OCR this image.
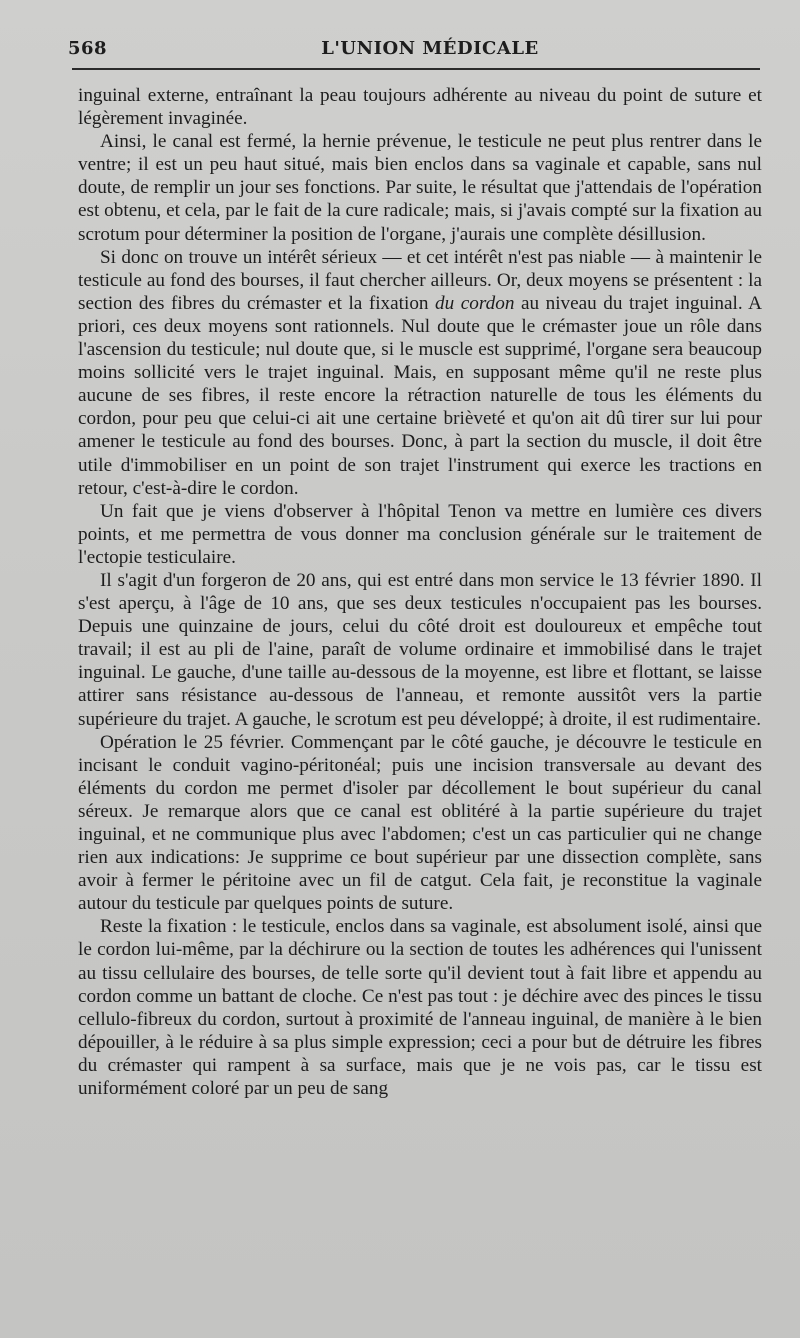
568	L'UNION MÉDICALE

inguinal externe, entraînant la peau toujours adhérente au niveau du point de suture et légèrement invaginée.

Ainsi, le canal est fermé, la hernie prévenue, le testicule ne peut plus rentrer dans le ventre; il est un peu haut situé, mais bien enclos dans sa vaginale et capable, sans nul doute, de remplir un jour ses fonctions. Par suite, le résultat que j'attendais de l'opération est obtenu, et cela, par le fait de la cure radicale; mais, si j'avais compté sur la fixation au scrotum pour déterminer la position de l'organe, j'aurais une complète désillusion.

Si donc on trouve un intérêt sérieux — et cet intérêt n'est pas niable — à maintenir le testicule au fond des bourses, il faut chercher ailleurs. Or, deux moyens se présentent : la section des fibres du crémaster et la fixation du cordon au niveau du trajet inguinal. A priori, ces deux moyens sont rationnels. Nul doute que le crémaster joue un rôle dans l'ascension du testicule; nul doute que, si le muscle est supprimé, l'organe sera beaucoup moins sollicité vers le trajet inguinal. Mais, en supposant même qu'il ne reste plus aucune de ses fibres, il reste encore la rétraction naturelle de tous les éléments du cordon, pour peu que celui-ci ait une certaine brièveté et qu'on ait dû tirer sur lui pour amener le testicule au fond des bourses. Donc, à part la section du muscle, il doit être utile d'immobiliser en un point de son trajet l'instrument qui exerce les tractions en retour, c'est-à-dire le cordon.

Un fait que je viens d'observer à l'hôpital Tenon va mettre en lumière ces divers points, et me permettra de vous donner ma conclusion générale sur le traitement de l'ectopie testiculaire.

Il s'agit d'un forgeron de 20 ans, qui est entré dans mon service le 13 février 1890. Il s'est aperçu, à l'âge de 10 ans, que ses deux testicules n'occupaient pas les bourses. Depuis une quinzaine de jours, celui du côté droit est douloureux et empêche tout travail; il est au pli de l'aine, paraît de volume ordinaire et immobilisé dans le trajet inguinal. Le gauche, d'une taille au-dessous de la moyenne, est libre et flottant, se laisse attirer sans résistance au-dessous de l'anneau, et remonte aussitôt vers la partie supérieure du trajet. A gauche, le scrotum est peu développé; à droite, il est rudimentaire.

Opération le 25 février. Commençant par le côté gauche, je découvre le testicule en incisant le conduit vagino-péritonéal; puis une incision transversale au devant des éléments du cordon me permet d'isoler par décollement le bout supérieur du canal séreux. Je remarque alors que ce canal est oblitéré à la partie supérieure du trajet inguinal, et ne communique plus avec l'abdomen; c'est un cas particulier qui ne change rien aux indications: Je supprime ce bout supérieur par une dissection complète, sans avoir à fermer le péritoine avec un fil de catgut. Cela fait, je reconstitue la vaginale autour du testicule par quelques points de suture.

Reste la fixation : le testicule, enclos dans sa vaginale, est absolument isolé, ainsi que le cordon lui-même, par la déchirure ou la section de toutes les adhérences qui l'unissent au tissu cellulaire des bourses, de telle sorte qu'il devient tout à fait libre et appendu au cordon comme un battant de cloche. Ce n'est pas tout : je déchire avec des pinces le tissu cellulo-fibreux du cordon, surtout à proximité de l'anneau inguinal, de manière à le bien dépouiller, à le réduire à sa plus simple expression; ceci a pour but de détruire les fibres du crémaster qui rampent à sa surface, mais que je ne vois pas, car le tissu est uniformément coloré par un peu de sang
